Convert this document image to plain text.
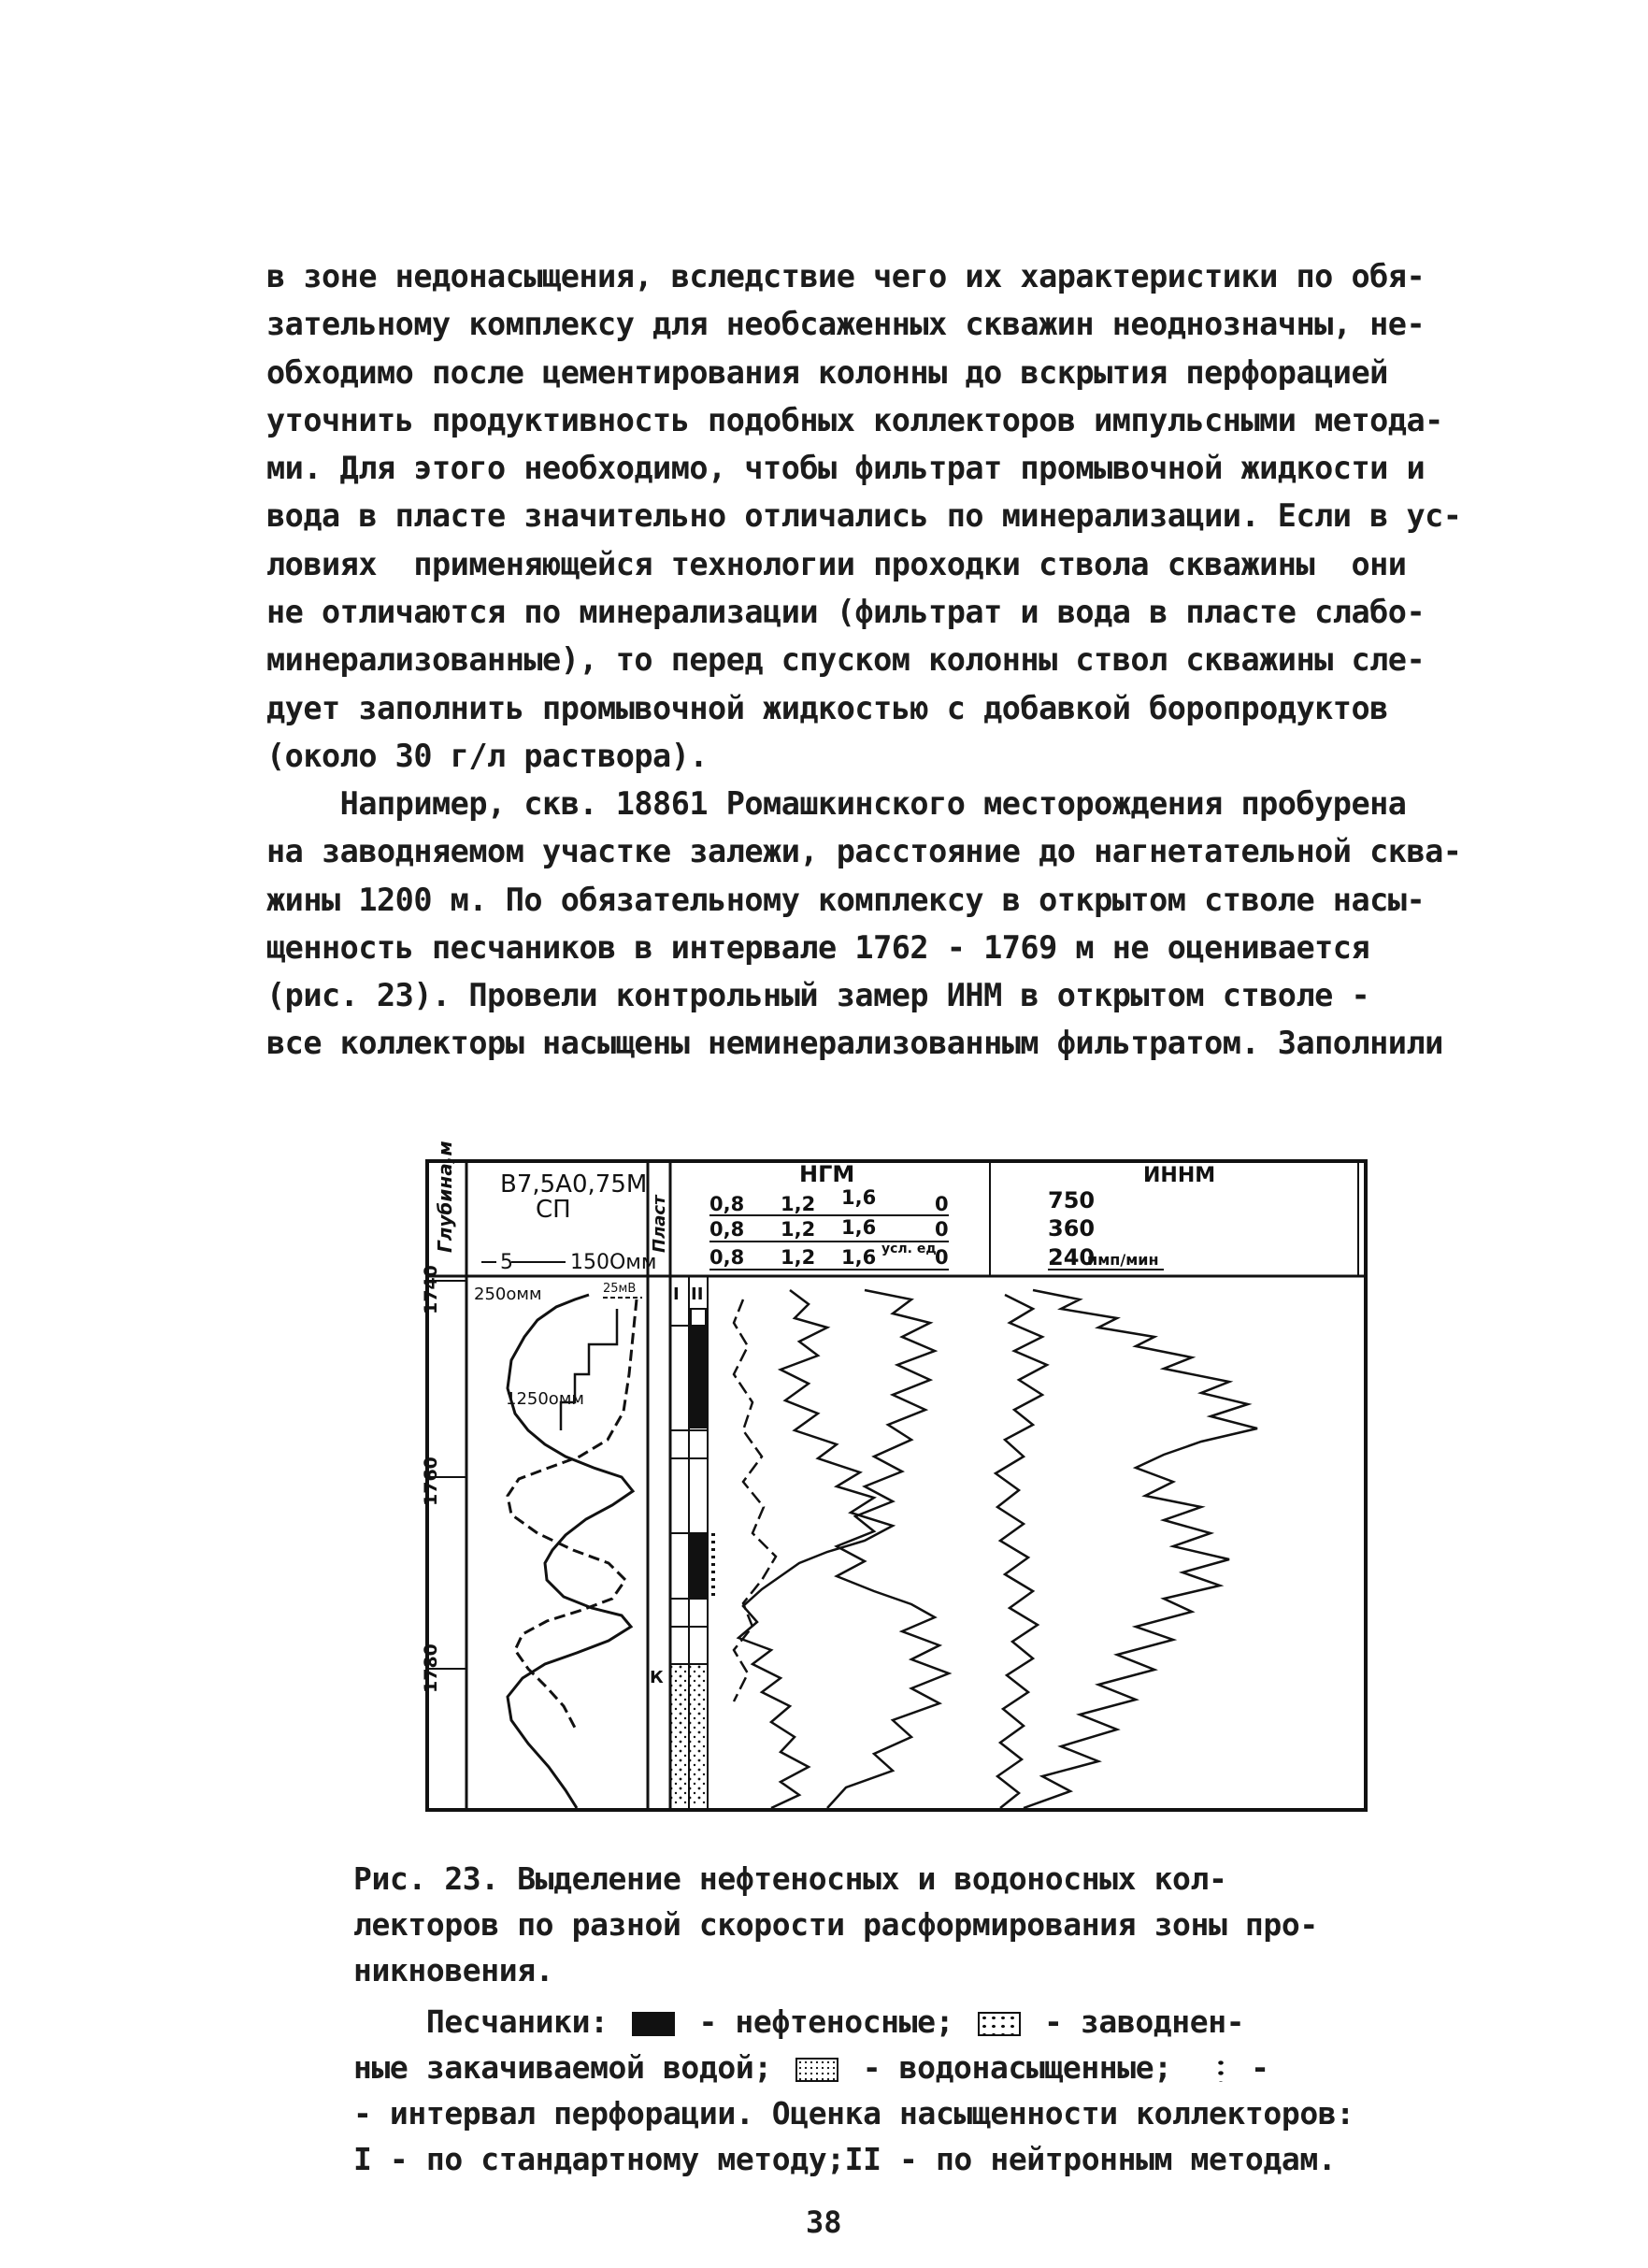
в зоне недонасыщения, вследствие чего их характеристики по обя-
зательному комплексу для необсаженных скважин неоднозначны, не-
обходимо после цементирования колонны до вскрытия перфорацией
уточнить продуктивность подобных коллекторов импульсными метода-
ми. Для этого необходимо, чтобы фильтрат промывочной жидкости и
вода в пласте значительно отличались по минерализации. Если в ус-
ловиях  применяющейся технологии проходки ствола скважины  они
не отличаются по минерализации (фильтрат и вода в пласте слабо-
минерализованные), то перед спуском колонны ствол скважины сле-
дует заполнить промывочной жидкостью с добавкой боропродуктов
(около 30 г/л раствора).
Например, скв. 18861 Ромашкинского месторождения пробурена
на заводняемом участке залежи, расстояние до нагнетательной сква-
жины 1200 м. По обязательному комплексу в открытом стволе насы-
щенность песчаников в интервале 1762 - 1769 м не оценивается
(рис. 23). Провели контрольный замер ИНМ в открытом стволе -
все коллекторы насыщены неминерализованным фильтратом. Заполнили
Глубина,м
1740
1760
1780
В7,5А0,75М
СП
5	150Омм
250омм	25мВ
1250омм
Пласт
I II
К
НГМ
0,8 1,2 1,6	0
0,8 1,2 1,6	0
0,8 1,2 1,6	0
усл. ед.
ИННМ
750
360
240
имп/мин
Рис. 23. Выделение нефтеносных и водоносных кол-
лекторов по разной скорости расформирования зоны про-
никновения.
Песчаники:	- нефтеносные;	- заводнен-
ные закачиваемой водой;	- водонасыщенные;	-
- интервал перфорации. Оценка насыщенности коллекторов:
I - по стандартному методу;II - по нейтронным методам.
38
